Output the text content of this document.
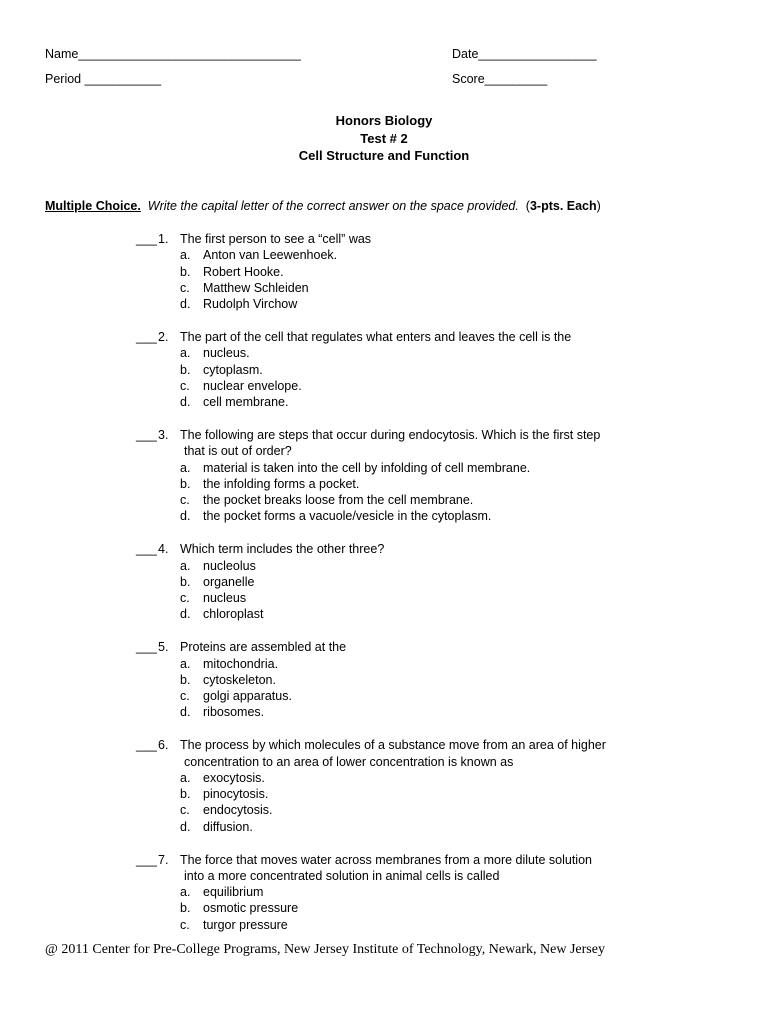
Name________________________________	Date_________________
Period ___________	Score_________
Honors Biology
Test # 2
Cell Structure and Function
Multiple Choice. Write the capital letter of the correct answer on the space provided. (3-pts. Each)
___ 1. The first person to see a “cell” was
a.	Anton van Leewenhoek.
b.	Robert Hooke.
c.	Matthew Schleiden
d.	Rudolph Virchow
___ 2. The part of the cell that regulates what enters and leaves the cell is the
a.	nucleus.
b.	cytoplasm.
c.	nuclear envelope.
d.	cell membrane.
___ 3. The following are steps that occur during endocytosis. Which is the first step
that is out of order?
a.	material is taken into the cell by infolding of cell membrane.
b.	the infolding forms a pocket.
c.	the pocket breaks loose from the cell membrane.
d.	the pocket forms a vacuole/vesicle in the cytoplasm.
___ 4. Which term includes the other three?
a.	nucleolus
b.	organelle
c.	nucleus
d.	chloroplast
___ 5. Proteins are assembled at the
a.	mitochondria.
b.	cytoskeleton.
c.	golgi apparatus.
d.	ribosomes.
___ 6. The process by which molecules of a substance move from an area of higher
concentration to an area of lower concentration is known as
a.	exocytosis.
b.	pinocytosis.
c.	endocytosis.
d.	diffusion.
___ 7. The force that moves water across membranes from a more dilute solution
into a more concentrated solution in animal cells is called
a.	equilibrium
b.	osmotic pressure
c.	turgor pressure
@ 2011 Center for Pre-College Programs, New Jersey Institute of Technology, Newark, New Jersey
